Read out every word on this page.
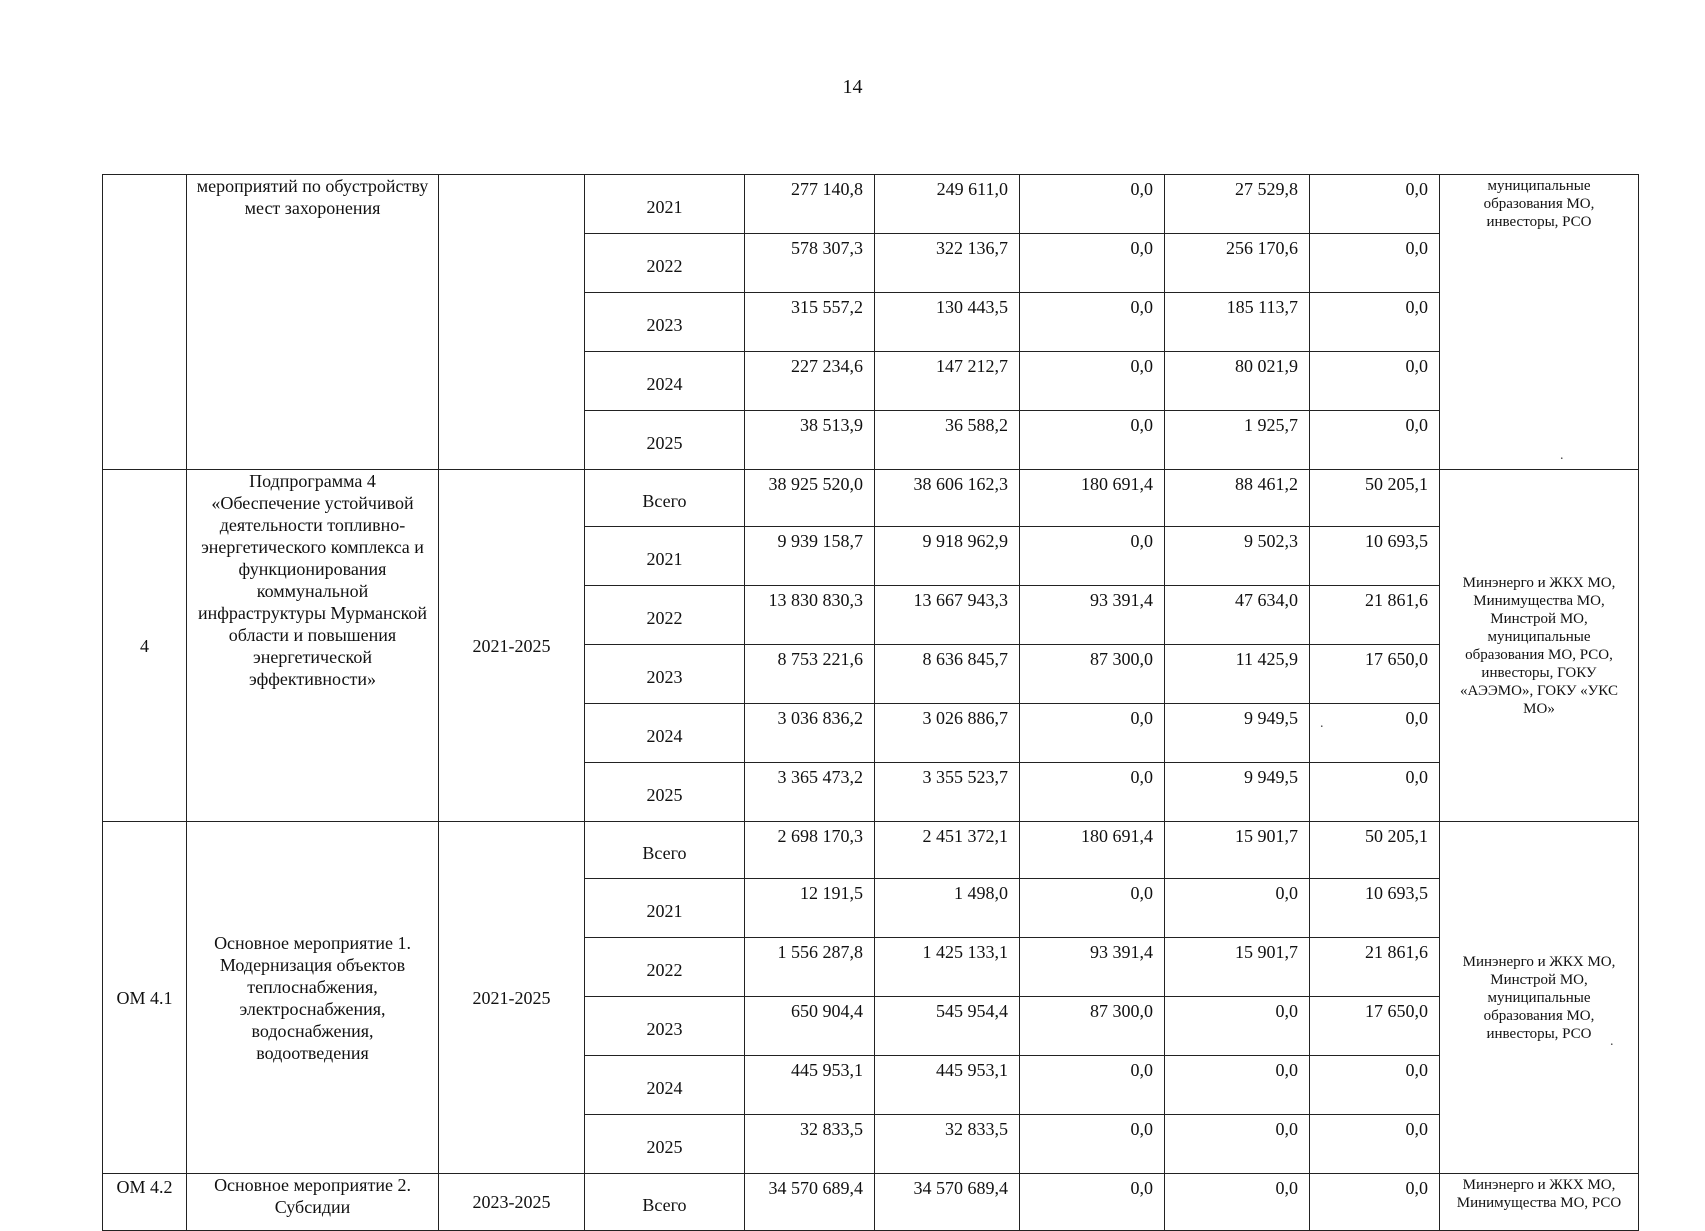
14
	мероприятий по обустройству мест захоронения		2021	277 140,8	249 611,0	0,0	27 529,8	0,0	муниципальные образования МО, инвесторы, РСО
			2022	578 307,3	322 136,7	0,0	256 170,6	0,0	
			2023	315 557,2	130 443,5	0,0	185 113,7	0,0	
			2024	227 234,6	147 212,7	0,0	80 021,9	0,0	
			2025	38 513,9	36 588,2	0,0	1 925,7	0,0	
4	Подпрограмма 4 «Обеспечение устойчивой деятельности топливно-энергетического комплекса и функционирования коммунальной инфраструктуры Мурманской области и повышения энергетической эффективности»	2021-2025	Всего	38 925 520,0	38 606 162,3	180 691,4	88 461,2	50 205,1	Минэнерго и ЖКХ МО, Минимущества МО, Минстрой МО, муниципальные образования МО, РСО, инвесторы, ГОКУ «АЭЭМО», ГОКУ «УКС МО»
			2021	9 939 158,7	9 918 962,9	0,0	9 502,3	10 693,5	
			2022	13 830 830,3	13 667 943,3	93 391,4	47 634,0	21 861,6	
			2023	8 753 221,6	8 636 845,7	87 300,0	11 425,9	17 650,0	
			2024	3 036 836,2	3 026 886,7	0,0	9 949,5	0,0	
			2025	3 365 473,2	3 355 523,7	0,0	9 949,5	0,0	
ОМ 4.1	Основное мероприятие 1. Модернизация объектов теплоснабжения, электроснабжения, водоснабжения, водоотведения	2021-2025	Всего	2 698 170,3	2 451 372,1	180 691,4	15 901,7	50 205,1	Минэнерго и ЖКХ МО, Минстрой МО, муниципальные образования МО, инвесторы, РСО
			2021	12 191,5	1 498,0	0,0	0,0	10 693,5	
			2022	1 556 287,8	1 425 133,1	93 391,4	15 901,7	21 861,6	
			2023	650 904,4	545 954,4	87 300,0	0,0	17 650,0	
			2024	445 953,1	445 953,1	0,0	0,0	0,0	
			2025	32 833,5	32 833,5	0,0	0,0	0,0	
ОМ 4.2	Основное мероприятие 2. Субсидии	2023-2025	Всего	34 570 689,4	34 570 689,4	0,0	0,0	0,0	Минэнерго и ЖКХ МО, Минимущества МО, РСО
.
.
.
